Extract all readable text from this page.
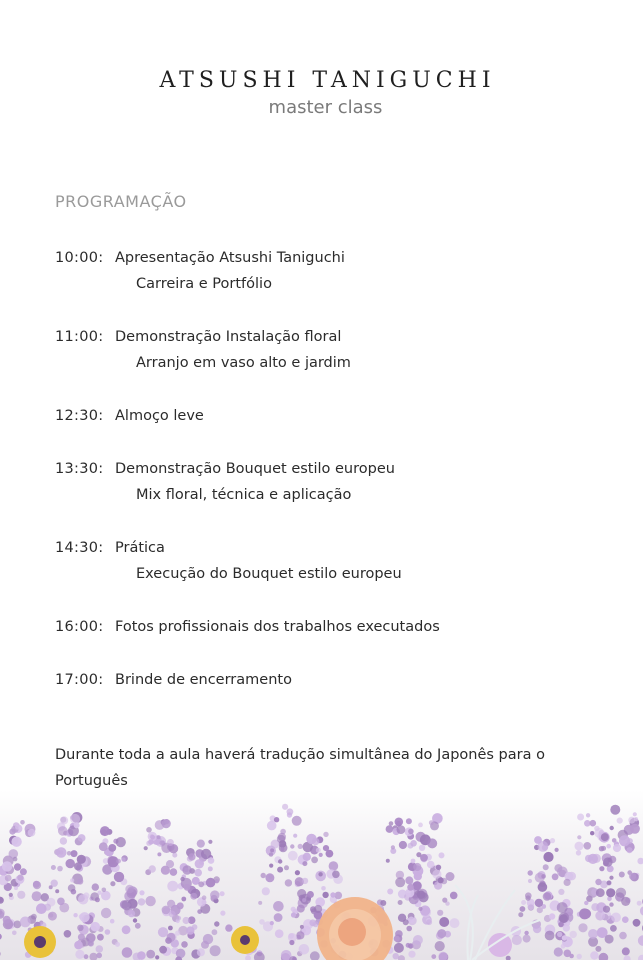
ATSUSHI TANIGUCHI
master class
PROGRAMAÇÃO
10:00: Apresentação Atsushi Taniguchi
Carreira e Portfólio
11:00: Demonstração Instalação floral
Arranjo em vaso alto e jardim
12:30: Almoço leve
13:30: Demonstração Bouquet estilo europeu
Mix floral, técnica e aplicação
14:30: Prática
Execução do Bouquet estilo europeu
16:00: Fotos profissionais dos trabalhos executados
17:00: Brinde de encerramento
Durante toda a aula haverá tradução simultânea do Japonês para o Português
